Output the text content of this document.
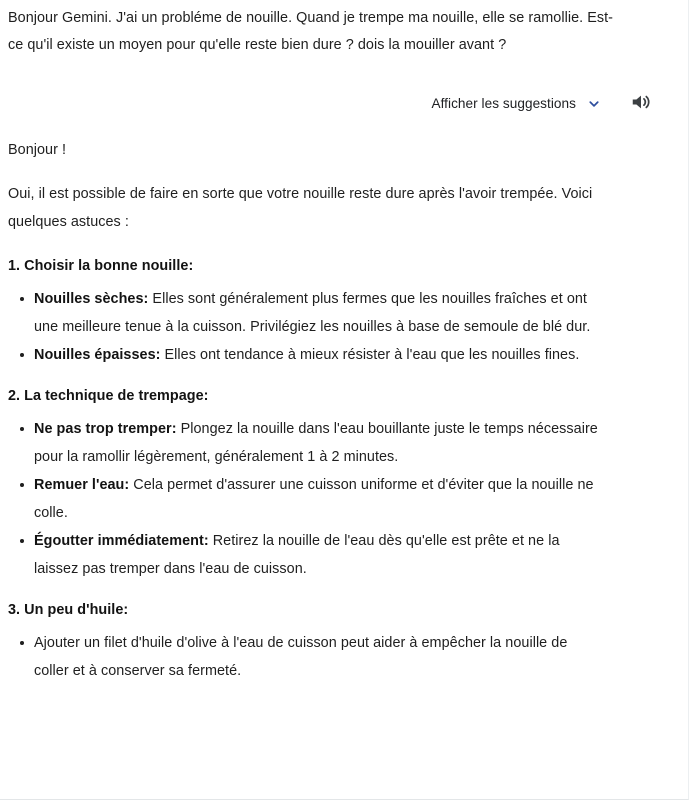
Bonjour Gemini. J'ai un probléme de nouille. Quand je trempe ma nouille, elle se ramollie. Est-ce qu'il existe un moyen pour qu'elle reste bien dure ? dois la mouiller avant ?
Afficher les suggestions

Bonjour !

Oui, il est possible de faire en sorte que votre nouille reste dure après l'avoir trempée. Voici quelques astuces :

1. Choisir la bonne nouille:
Nouilles sèches: Elles sont généralement plus fermes que les nouilles fraîches et ont une meilleure tenue à la cuisson. Privilégiez les nouilles à base de semoule de blé dur.
Nouilles épaisses: Elles ont tendance à mieux résister à l'eau que les nouilles fines.
2. La technique de trempage:
Ne pas trop tremper: Plongez la nouille dans l'eau bouillante juste le temps nécessaire pour la ramollir légèrement, généralement 1 à 2 minutes.
Remuer l'eau: Cela permet d'assurer une cuisson uniforme et d'éviter que la nouille ne colle.
Égoutter immédiatement: Retirez la nouille de l'eau dès qu'elle est prête et ne la laissez pas tremper dans l'eau de cuisson.
3. Un peu d'huile:
Ajouter un filet d'huile d'olive à l'eau de cuisson peut aider à empêcher la nouille de coller et à conserver sa fermeté.
